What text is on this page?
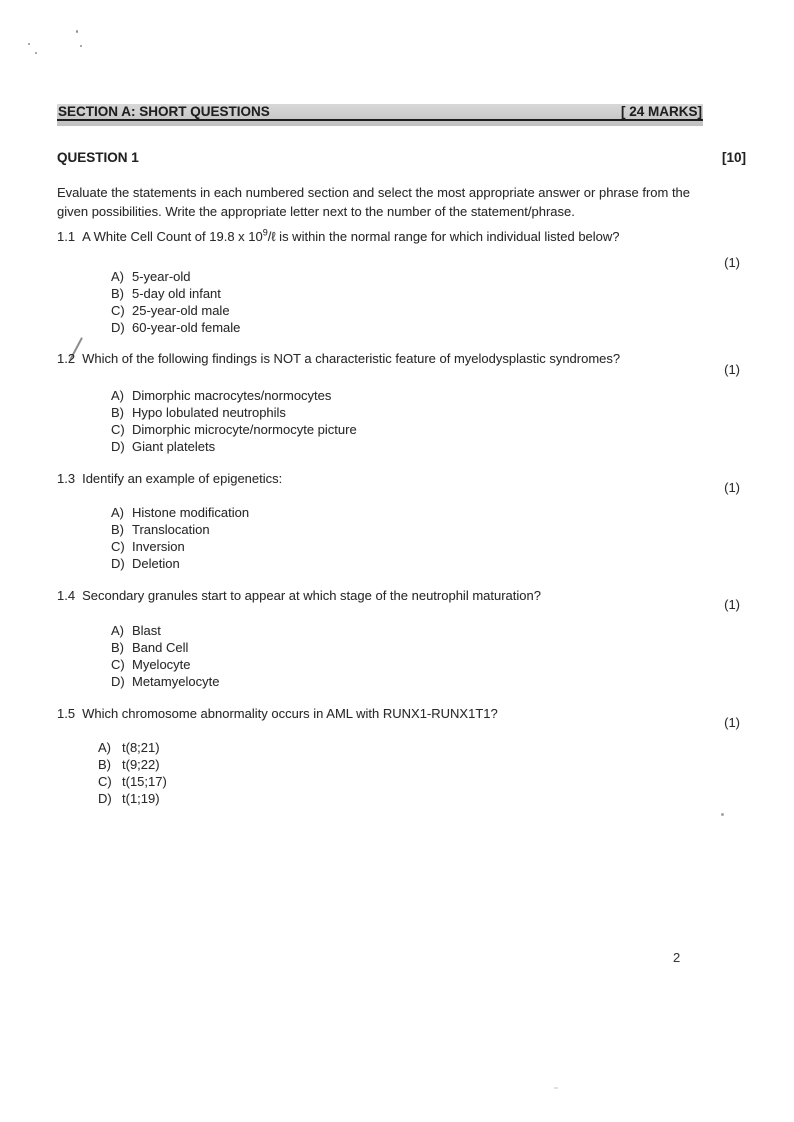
SECTION A: SHORT QUESTIONS	[ 24 MARKS]
QUESTION 1	[10]
Evaluate the statements in each numbered section and select the most appropriate answer or phrase from the given possibilities. Write the appropriate letter next to the number of the statement/phrase.
1.1 A White Cell Count of 19.8 x $10^9/\ell$ is within the normal range for which individual listed below?
(1)
A) 5-year-old
B) 5-day old infant
C) 25-year-old male
D) 60-year-old female
1.2 Which of the following findings is NOT a characteristic feature of myelodysplastic syndromes?
(1)
A) Dimorphic macrocytes/normocytes
B) Hypo lobulated neutrophils
C) Dimorphic microcyte/normocyte picture
D) Giant platelets
1.3 Identify an example of epigenetics:
(1)
A) Histone modification
B) Translocation
C) Inversion
D) Deletion
1.4 Secondary granules start to appear at which stage of the neutrophil maturation?
(1)
A) Blast
B) Band Cell
C) Myelocyte
D) Metamyelocyte
1.5 Which chromosome abnormality occurs in AML with RUNX1-RUNX1T1?
(1)
A) t(8;21)
B) t(9;22)
C) t(15;17)
D) t(1;19)
2
